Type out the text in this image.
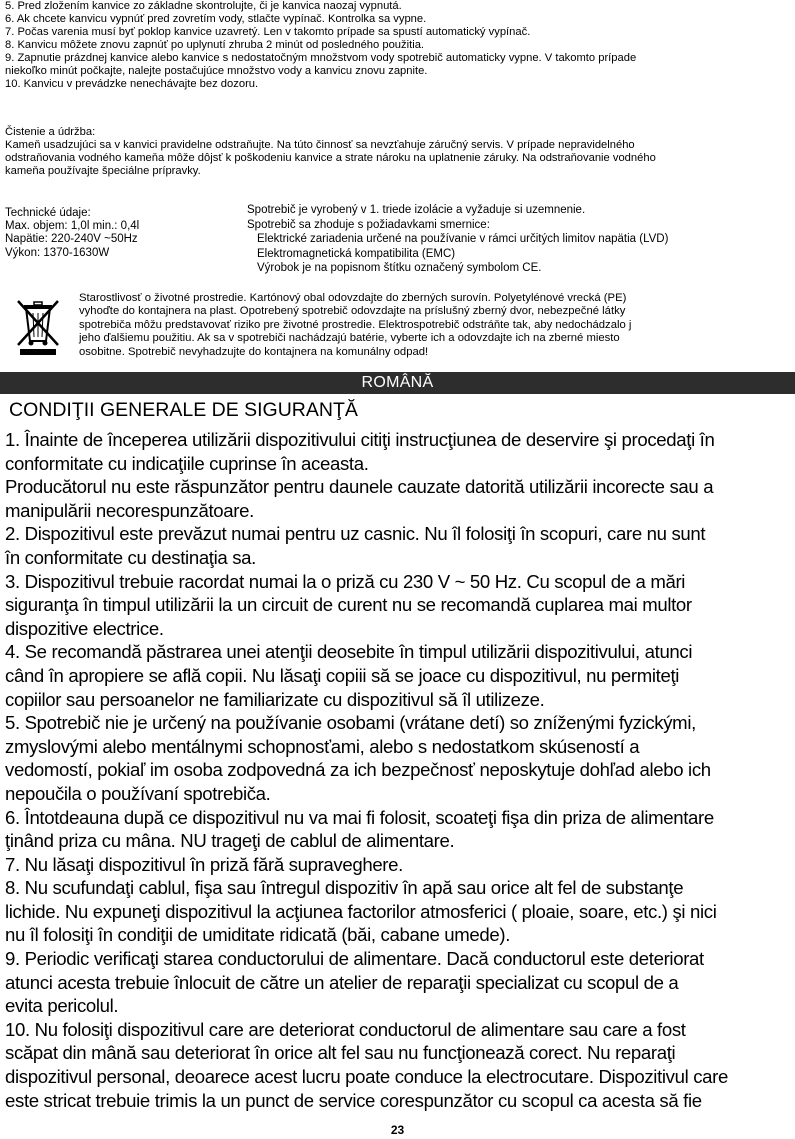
5. Pred zložením kanvice zo základne skontrolujte, či je kanvica naozaj vypnutá.

6. Ak chcete kanvicu vypnúť pred zovretím vody, stlačte vypínač. Kontrolka sa vypne.

7. Počas varenia musí byť poklop kanvice uzavretý. Len v takomto prípade sa spustí automatický vypínač.

8. Kanvicu môžete znovu zapnúť po uplynutí zhruba 2 minút od posledného použitia.

9. Zapnutie prázdnej kanvice alebo kanvice s nedostatočným množstvom vody spotrebič automaticky vypne. V takomto prípade

niekoľko minút počkajte, nalejte postačujúce množstvo vody a kanvicu znovu zapnite.

10. Kanvicu v prevádzke nenechávajte bez dozoru.

Čistenie a údržba:

Kameň usadzujúci sa v kanvici pravidelne odstraňujte. Na túto činnosť sa nevzťahuje záručný servis. V prípade nepravidelného

odstraňovania vodného kameňa môže dôjsť k poškodeniu kanvice a strate nároku na uplatnenie záruky. Na odstraňovanie vodného

kameňa používajte špeciálne prípravky.

Technické údaje:

Max. objem: 1,0l min.: 0,4l

Napätie: 220-240V ~50Hz

Výkon: 1370-1630W

Spotrebič je vyrobený v 1. triede izolácie a vyžaduje si uzemnenie.

Spotrebič sa zhoduje s požiadavkami smernice:

Elektrické zariadenia určené na používanie v rámci určitých limitov napätia (LVD)

Elektromagnetická kompatibilita (EMC)

Výrobok je na popisnom štítku označený symbolom CE.

Starostlivosť o životné prostredie. Kartónový obal odovzdajte do zberných surovín. Polyetylénové vrecká (PE)

vyhoďte do kontajnera na plast. Opotrebený spotrebič odovzdajte na príslušný zberný dvor, nebezpečné látky

spotrebiča môžu predstavovať riziko pre životné prostredie. Elektrospotrebič odstráňte tak, aby nedochádzalo j

jeho ďalšiemu použitiu. Ak sa v spotrebiči nachádzajú batérie, vyberte ich a odovzdajte ich na zberné miesto

osobitne. Spotrebič nevyhadzujte do kontajnera na komunálny odpad!

ROMÂNĂ
CONDIŢII GENERALE DE SIGURANŢĂ

1. Înainte de începerea utilizării dispozitivului citiţi instrucţiunea de deservire şi procedaţi în

conformitate cu indicaţiile cuprinse în aceasta.

Producătorul nu este răspunzător pentru daunele cauzate datorită utilizării incorecte sau a

manipulării necorespunzătoare.

2. Dispozitivul este prevăzut numai pentru uz casnic. Nu îl folosiţi în scopuri, care nu sunt

în conformitate cu destinaţia sa.

3. Dispozitivul trebuie racordat numai la o priză cu 230 V ~ 50 Hz. Cu scopul de a mări

siguranţa în timpul utilizării la un circuit de curent nu se recomandă cuplarea mai multor

dispozitive electrice.

4. Se recomandă păstrarea unei atenţii deosebite în timpul utilizării dispozitivului, atunci

când în apropiere se află copii. Nu lăsaţi copiii să se joace cu dispozitivul, nu permiteţi

copiilor sau persoanelor ne familiarizate cu dispozitivul să îl utilizeze.

5. Spotrebič nie je určený na používanie osobami (vrátane detí) so zníženými fyzickými,

zmyslovými alebo mentálnymi schopnosťami, alebo s nedostatkom skúseností a

vedomostí, pokiaľ im osoba zodpovedná za ich bezpečnosť neposkytuje dohľad alebo ich

nepoučila o používaní spotrebiča.

6. Întotdeauna după ce dispozitivul nu va mai fi folosit, scoateţi fişa din priza de alimentare

ţinând priza cu mâna. NU trageţi de cablul de alimentare.

7. Nu lăsaţi dispozitivul în priză fără supraveghere.

8. Nu scufundaţi cablul, fişa sau întregul dispozitiv în apă sau orice alt fel de substanţe

lichide. Nu expuneţi dispozitivul la acţiunea factorilor atmosferici ( ploaie, soare, etc.) şi nici

nu îl folosiţi în condiţii de umiditate ridicată (băi, cabane umede).

9. Periodic verificaţi starea conductorului de alimentare. Dacă conductorul este deteriorat

atunci acesta trebuie înlocuit de către un atelier de reparaţii specializat cu scopul de a

evita pericolul.

10. Nu folosiţi dispozitivul care are deteriorat conductorul de alimentare sau care a fost

scăpat din mână sau deteriorat în orice alt fel sau nu funcţionează corect. Nu reparaţi

dispozitivul personal, deoarece acest lucru poate conduce la electrocutare. Dispozitivul care

este stricat trebuie trimis la un punct de service corespunzător cu scopul ca acesta să fie

23
